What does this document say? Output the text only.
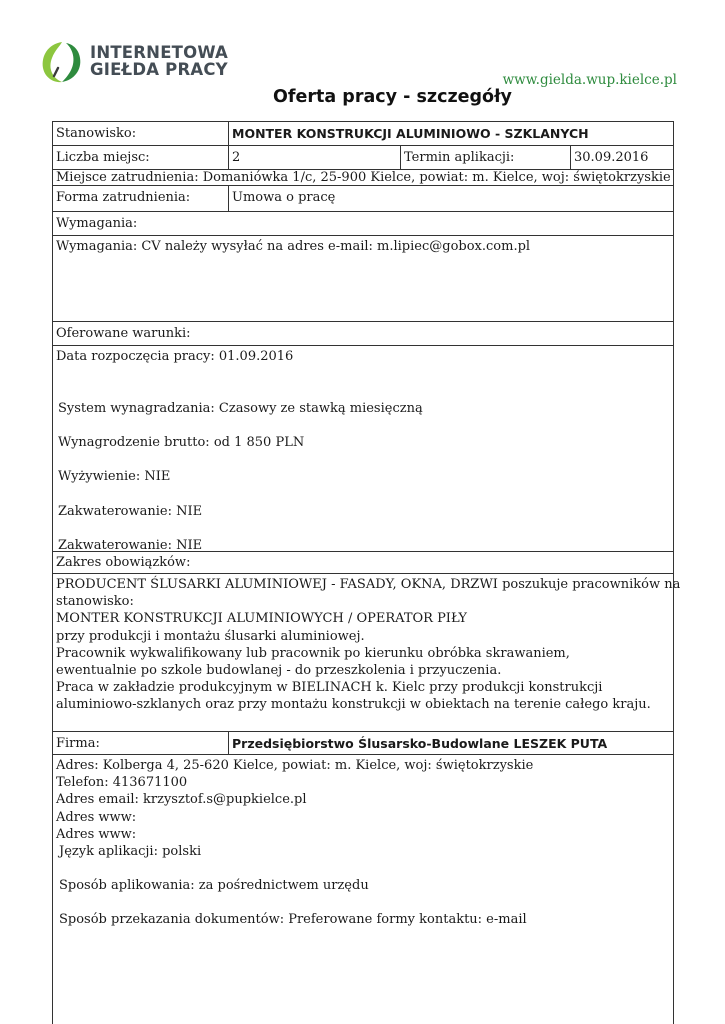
INTERNETOWA
GIEŁDA PRACY
www.gielda.wup.kielce.pl
Oferta pracy - szczegóły
Stanowisko:	MONTER KONSTRUKCJI ALUMINIOWO - SZKLANYCH
Liczba miejsc:	2	Termin aplikacji:	30.09.2016
Miejsce zatrudnienia: Domaniówka 1/c, 25-900 Kielce, powiat: m. Kielce, woj: świętokrzyskie
Forma zatrudnienia:	Umowa o pracę
Wymagania:
Wymagania: CV należy wysyłać na adres e-mail: m.lipiec@gobox.com.pl
Oferowane warunki:
Data rozpoczęcia pracy: 01.09.2016
System wynagradzania: Czasowy ze stawką miesięczną
Wynagrodzenie brutto: od 1 850 PLN
Wyżywienie: NIE
Zakwaterowanie: NIE
Zakwaterowanie: NIE
Zakres obowiązków:
PRODUCENT ŚLUSARKI ALUMINIOWEJ - FASADY, OKNA, DRZWI poszukuje pracowników na
stanowisko:
MONTER KONSTRUKCJI ALUMINIOWYCH / OPERATOR PIŁY
przy produkcji i montażu ślusarki aluminiowej.
Pracownik wykwalifikowany lub pracownik po kierunku obróbka skrawaniem,
ewentualnie po szkole budowlanej - do przeszkolenia i przyuczenia.
Praca w zakładzie produkcyjnym w BIELINACH k. Kielc przy produkcji konstrukcji
aluminiowo-szklanych oraz przy montażu konstrukcji w obiektach na terenie całego kraju.
Firma:	Przedsiębiorstwo Ślusarsko-Budowlane LESZEK PUTA
Adres: Kolberga 4, 25-620 Kielce, powiat: m. Kielce, woj: świętokrzyskie
Telefon: 413671100
Adres email: krzysztof.s@pupkielce.pl
Adres www:
Adres www:
Język aplikacji: polski
Sposób aplikowania: za pośrednictwem urzędu
Sposób przekazania dokumentów: Preferowane formy kontaktu: e-mail
